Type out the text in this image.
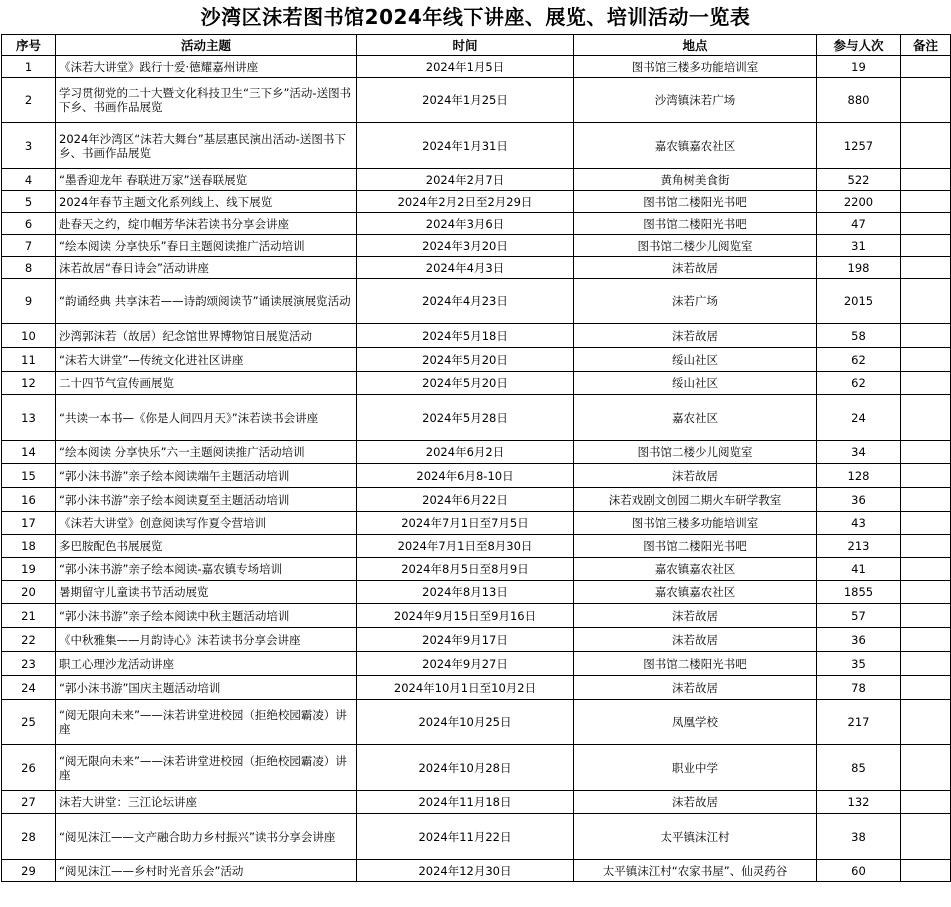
沙湾区沫若图书馆2024年线下讲座、展览、培训活动一览表
序号	活动主题	时间	地点	参与人次	备注
1	《沫若大讲堂》践行十爱·德耀嘉州讲座	2024年1月5日	图书馆三楼多功能培训室	19	
2	学习贯彻党的二十大暨文化科技卫生“三下乡”活动-送图书下乡、书画作品展览	2024年1月25日	沙湾镇沫若广场	880	
3	2024年沙湾区“沫若大舞台”基层惠民演出活动-送图书下乡、书画作品展览	2024年1月31日	嘉农镇嘉农社区	1257	
4	“墨香迎龙年 春联进万家”送春联展览	2024年2月7日	黄角树美食街	522	
5	2024年春节主题文化系列线上、线下展览	2024年2月2日至2月29日	图书馆二楼阳光书吧	2200	
6	赴春天之约，绽巾帼芳华沫若读书分享会讲座	2024年3月6日	图书馆二楼阳光书吧	47	
7	“绘本阅读 分享快乐”春日主题阅读推广活动培训	2024年3月20日	图书馆二楼少儿阅览室	31	
8	沫若故居“春日诗会”活动讲座	2024年4月3日	沫若故居	198	
9	“韵诵经典 共享沫若——诗韵颂阅读节”诵读展演展览活动	2024年4月23日	沫若广场	2015	
10	沙湾郭沫若（故居）纪念馆世界博物馆日展览活动	2024年5月18日	沫若故居	58	
11	“沫若大讲堂”—传统文化进社区讲座	2024年5月20日	绥山社区	62	
12	二十四节气宣传画展览	2024年5月20日	绥山社区	62	
13	“共读一本书—《你是人间四月天》”沫若读书会讲座	2024年5月28日	嘉农社区	24	
14	“绘本阅读 分享快乐”六一主题阅读推广活动培训	2024年6月2日	图书馆二楼少儿阅览室	34	
15	“郭小沫书游”亲子绘本阅读端午主题活动培训	2024年6月8-10日	沫若故居	128	
16	“郭小沫书游”亲子绘本阅读夏至主题活动培训	2024年6月22日	沫若戏剧文创园二期火车研学教室	36	
17	《沫若大讲堂》创意阅读写作夏令营培训	2024年7月1日至7月5日	图书馆三楼多功能培训室	43	
18	多巴胺配色书展展览	2024年7月1日至8月30日	图书馆二楼阳光书吧	213	
19	“郭小沫书游”亲子绘本阅读-嘉农镇专场培训	2024年8月5日至8月9日	嘉农镇嘉农社区	41	
20	暑期留守儿童读书节活动展览	2024年8月13日	嘉农镇嘉农社区	1855	
21	“郭小沫书游”亲子绘本阅读中秋主题活动培训	2024年9月15日至9月16日	沫若故居	57	
22	《中秋雅集——月韵诗心》沫若读书分享会讲座	2024年9月17日	沫若故居	36	
23	职工心理沙龙活动讲座	2024年9月27日	图书馆二楼阳光书吧	35	
24	“郭小沫书游”国庆主题活动培训	2024年10月1日至10月2日	沫若故居	78	
25	“阅无限向未来”——沫若讲堂进校园（拒绝校园霸凌）讲座	2024年10月25日	凤凰学校	217	
26	“阅无限向未来”——沫若讲堂进校园（拒绝校园霸凌）讲座	2024年10月28日	职业中学	85	
27	沫若大讲堂：三江论坛讲座	2024年11月18日	沫若故居	132	
28	“阅见沫江——文产融合助力乡村振兴”读书分享会讲座	2024年11月22日	太平镇沫江村	38	
29	“阅见沫江——乡村时光音乐会”活动	2024年12月30日	太平镇沫江村“农家书屋”、仙灵药谷	60	
